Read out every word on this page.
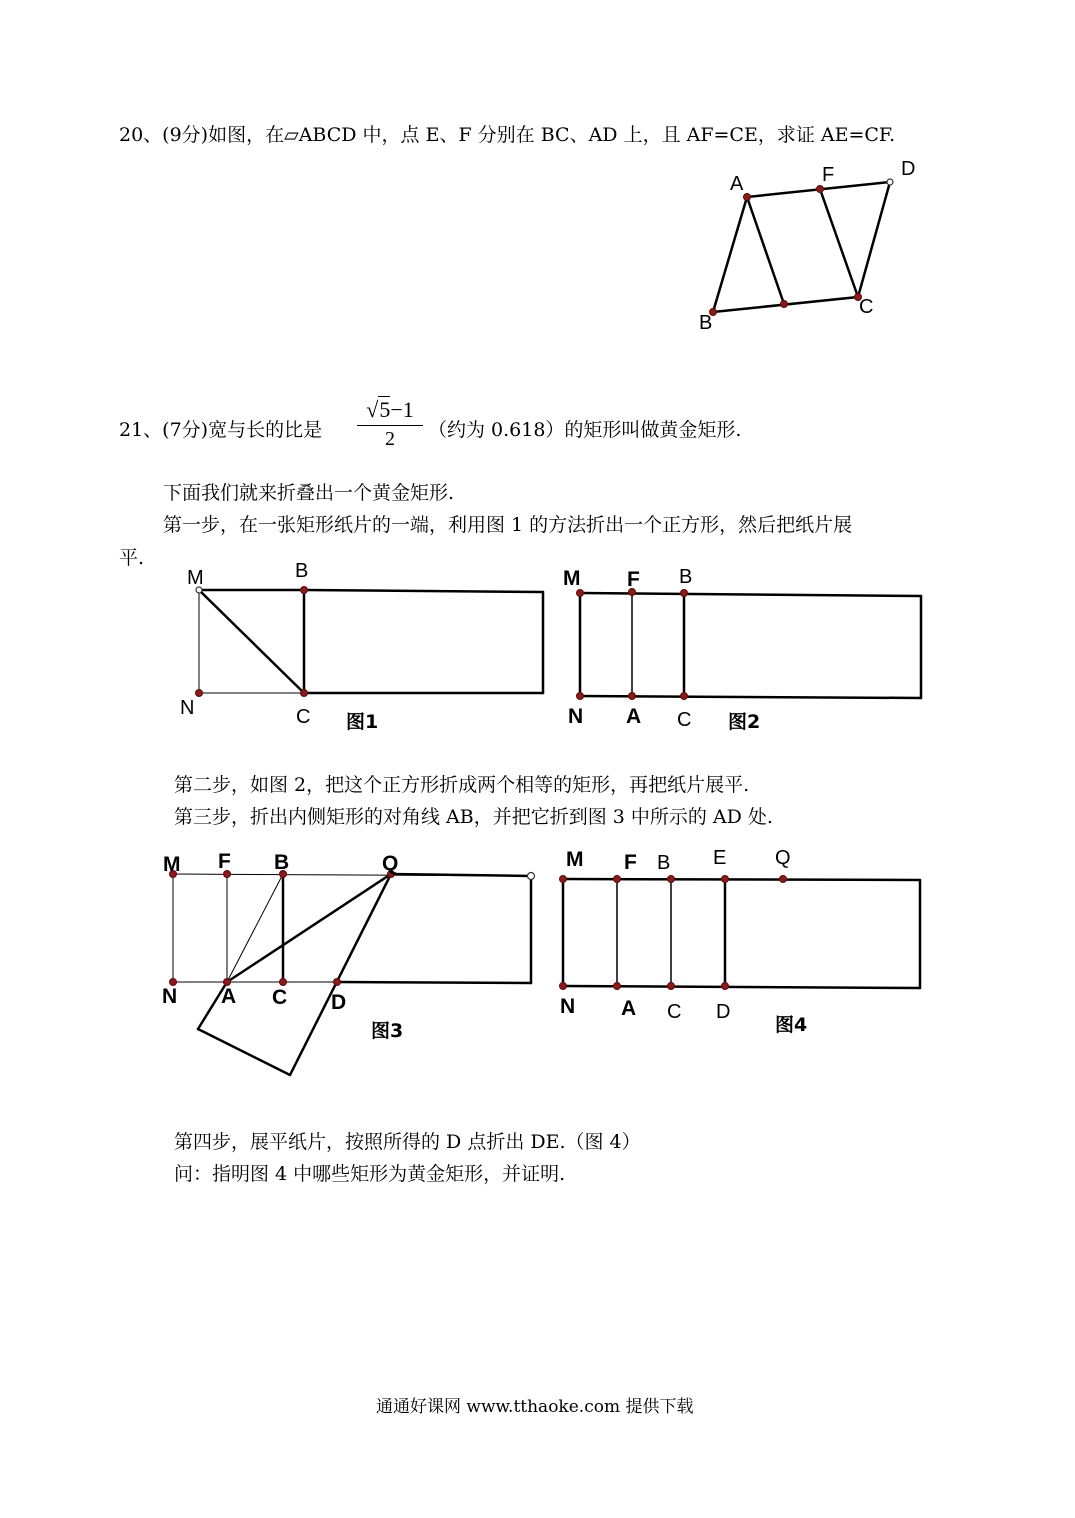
20、(9分)如图，在▱ABCD 中，点 E、F 分别在 BC、AD 上，且 AF=CE，求证 AE=CF.
A	F	D
B
C
21、(7分)宽与长的比是
√5−1
2	（约为 0.618）的矩形叫做黄金矩形.
下面我们就来折叠出一个黄金矩形.
第一步，在一张矩形纸片的一端，利用图 1 的方法折出一个正方形，然后把纸片展
平.
M	B
N	C 图1
M F B
N A C 图2
第二步，如图 2，把这个正方形折成两个相等的矩形，再把纸片展平.
第三步，折出内侧矩形的对角线 AB，并把它折到图 3 中所示的 AD 处.
M F B	Q
N A C D
图3
M F B E Q
N A C D
图4
第四步，展平纸片，按照所得的 D 点折出 DE.（图 4）
问：指明图 4 中哪些矩形为黄金矩形，并证明.
通通好课网 www.tthaoke.com 提供下载
